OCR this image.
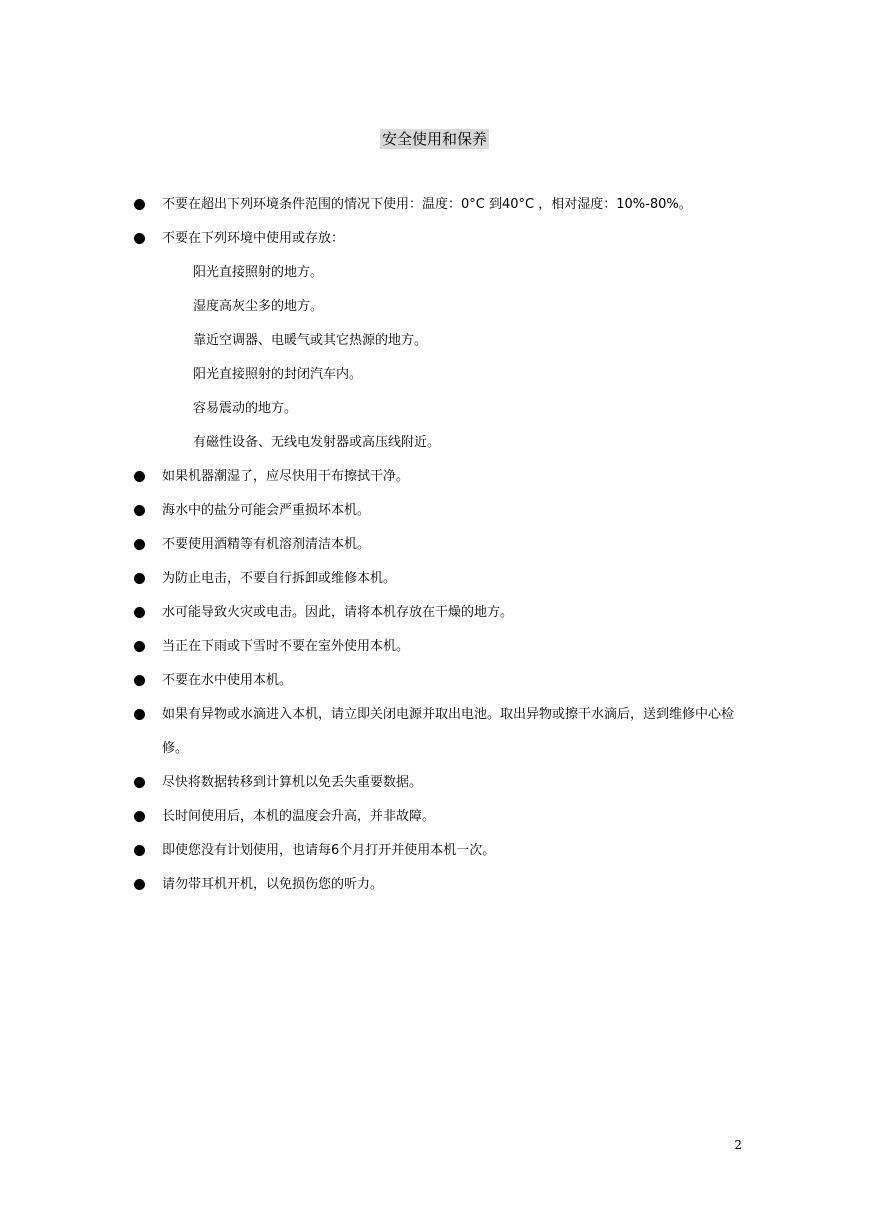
安全使用和保养
不要在超出下列环境条件范围的情况下使用：温度：0°C 到40°C ，相对湿度：10%-80%。
不要在下列环境中使用或存放：
阳光直接照射的地方。
湿度高灰尘多的地方。
靠近空调器、电暖气或其它热源的地方。
阳光直接照射的封闭汽车内。
容易震动的地方。
有磁性设备、无线电发射器或高压线附近。
如果机器潮湿了，应尽快用干布擦拭干净。
海水中的盐分可能会严重损坏本机。
不要使用酒精等有机溶剂清洁本机。
为防止电击，不要自行拆卸或维修本机。
水可能导致火灾或电击。因此，请将本机存放在干燥的地方。
当正在下雨或下雪时不要在室外使用本机。
不要在水中使用本机。
如果有异物或水滴进入本机，请立即关闭电源并取出电池。取出异物或擦干水滴后，送到维修中心检修。
尽快将数据转移到计算机以免丢失重要数据。
长时间使用后，本机的温度会升高，并非故障。
即使您没有计划使用，也请每6个月打开并使用本机一次。
请勿带耳机开机，以免损伤您的听力。
2
